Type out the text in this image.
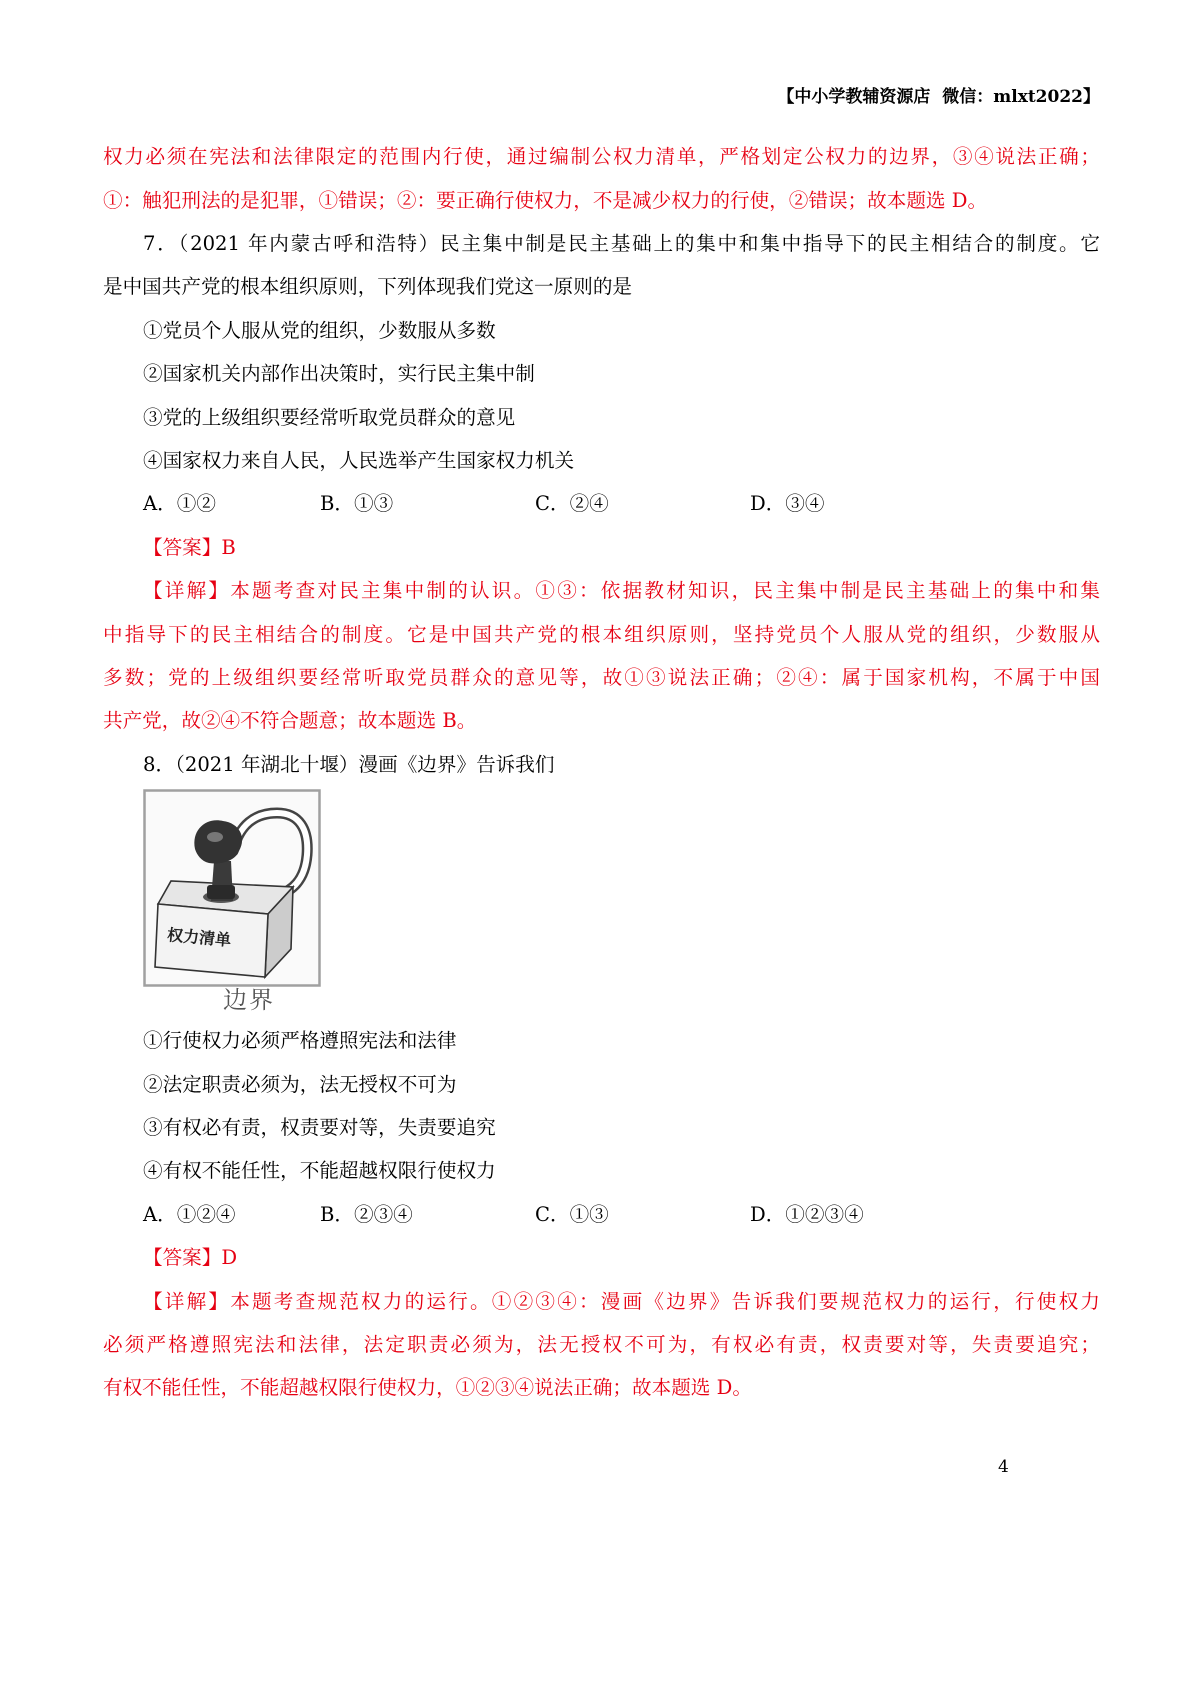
【中小学教辅资源店  微信：mlxt2022】
权力必须在宪法和法律限定的范围内行使，通过编制公权力清单，严格划定公权力的边界，③④说法正确；
①：触犯刑法的是犯罪，①错误；②：要正确行使权力，不是减少权力的行使，②错误；故本题选 D。
7．（2021 年内蒙古呼和浩特）民主集中制是民主基础上的集中和集中指导下的民主相结合的制度。它
是中国共产党的根本组织原则，下列体现我们党这一原则的是
①党员个人服从党的组织，少数服从多数
②国家机关内部作出决策时，实行民主集中制
③党的上级组织要经常听取党员群众的意见
④国家权力来自人民，人民选举产生国家权力机关
A．①②	B．①③	C．②④	D．③④
【答案】B
【详解】本题考查对民主集中制的认识。①③：依据教材知识，民主集中制是民主基础上的集中和集
中指导下的民主相结合的制度。它是中国共产党的根本组织原则，坚持党员个人服从党的组织，少数服从
多数；党的上级组织要经常听取党员群众的意见等，故①③说法正确；②④：属于国家机构，不属于中国
共产党，故②④不符合题意；故本题选 B。
8．（2021 年湖北十堰）漫画《边界》告诉我们
权力清单
边界
①行使权力必须严格遵照宪法和法律
②法定职责必须为，法无授权不可为
③有权必有责，权责要对等，失责要追究
④有权不能任性，不能超越权限行使权力
A．①②④	B．②③④	C．①③	D．①②③④
【答案】D
【详解】本题考查规范权力的运行。①②③④：漫画《边界》告诉我们要规范权力的运行，行使权力
必须严格遵照宪法和法律，法定职责必须为，法无授权不可为，有权必有责，权责要对等，失责要追究；
有权不能任性，不能超越权限行使权力，①②③④说法正确；故本题选 D。
4
